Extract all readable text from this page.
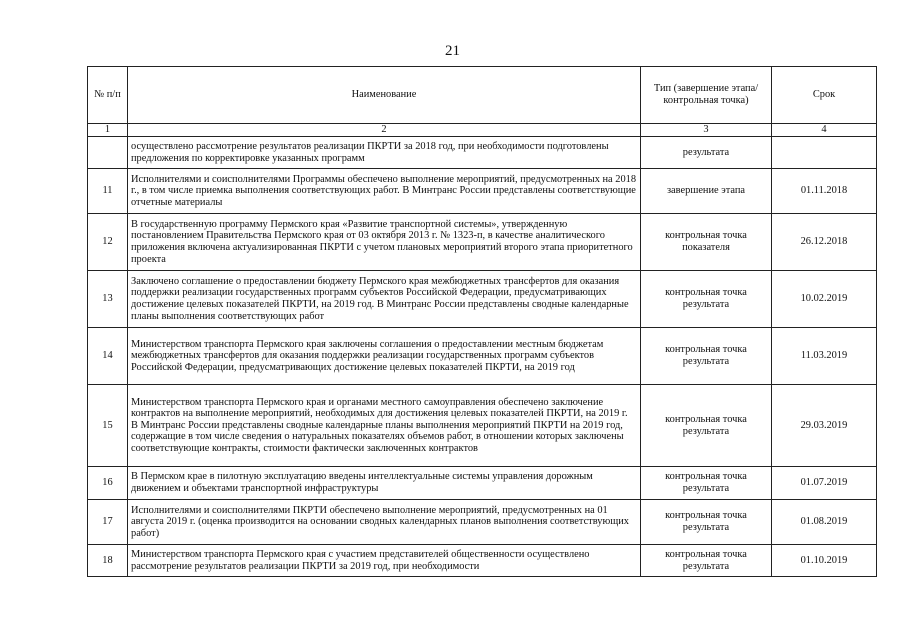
21
№ п/п	Наименование	Тип (завершение этапа/контрольная точка)	Срок
1	2	3	4
	осуществлено рассмотрение результатов реализации ПКРТИ за 2018 год, при необходимости подготовлены предложения по корректировке указанных программ	результата	
11	Исполнителями и соисполнителями Программы обеспечено выполнение мероприятий, предусмотренных на 2018 г., в том числе приемка выполнения соответствующих работ. В Минтранс России представлены соответствующие отчетные материалы	завершение этапа	01.11.2018
12	В государственную программу Пермского края «Развитие транспортной системы», утвержденную постановлением Правительства Пермского края от 03 октября 2013 г. № 1323-п, в качестве аналитического приложения включена актуализированная ПКРТИ с учетом плановых мероприятий второго этапа приоритетного проекта	контрольная точка показателя	26.12.2018
13	Заключено соглашение о предоставлении бюджету Пермского края межбюджетных трансфертов для оказания поддержки реализации государственных программ субъектов Российской Федерации, предусматривающих достижение целевых показателей ПКРТИ, на 2019 год. В Минтранс России представлены сводные календарные планы выполнения соответствующих работ	контрольная точка результата	10.02.2019
14	Министерством транспорта Пермского края заключены соглашения о предоставлении местным бюджетам межбюджетных трансфертов для оказания поддержки реализации государственных программ субъектов Российской Федерации, предусматривающих достижение целевых показателей ПКРТИ, на 2019 год	контрольная точка результата	11.03.2019
15	Министерством транспорта Пермского края и органами местного самоуправления обеспечено заключение контрактов на выполнение мероприятий, необходимых для достижения целевых показателей ПКРТИ, на 2019 г. В Минтранс России представлены сводные календарные планы выполнения мероприятий ПКРТИ на 2019 год, содержащие в том числе сведения о натуральных показателях объемов работ, в отношении которых заключены соответствующие контракты, стоимости фактически заключенных контрактов	контрольная точка результата	29.03.2019
16	В Пермском крае в пилотную эксплуатацию введены интеллектуальные системы управления дорожным движением и объектами транспортной инфраструктуры	контрольная точка результата	01.07.2019
17	Исполнителями и соисполнителями ПКРТИ обеспечено выполнение мероприятий, предусмотренных на 01 августа 2019 г. (оценка производится на основании сводных календарных планов выполнения соответствующих работ)	контрольная точка результата	01.08.2019
18	Министерством транспорта Пермского края с участием представителей общественности осуществлено рассмотрение результатов реализации ПКРТИ за 2019 год, при необходимости	контрольная точка результата	01.10.2019
